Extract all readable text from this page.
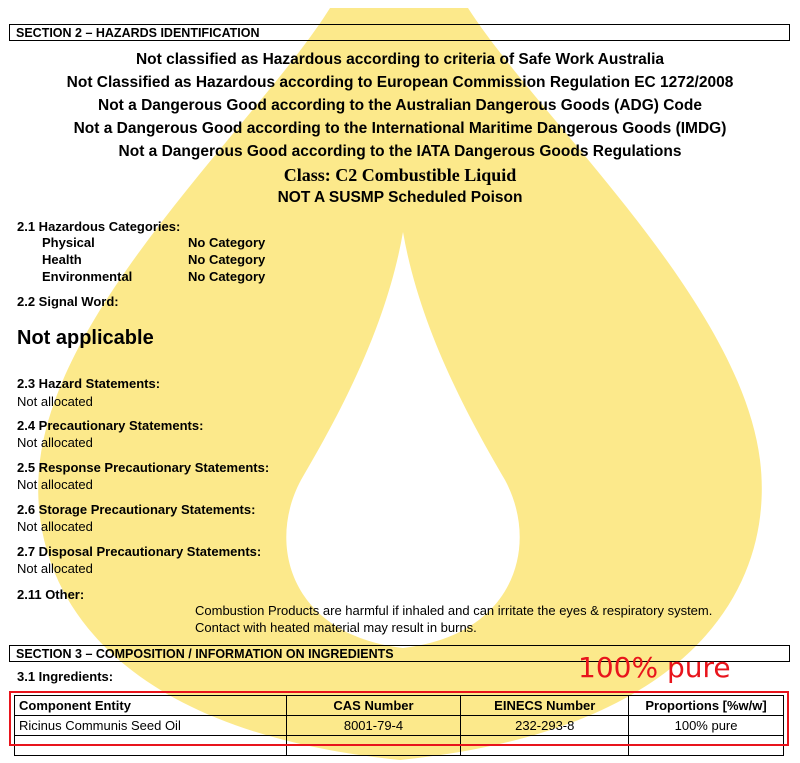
SECTION 2 – HAZARDS IDENTIFICATION
Not classified as Hazardous according to criteria of Safe Work Australia
Not Classified as Hazardous according to European Commission Regulation EC 1272/2008
Not a Dangerous Good according to the Australian Dangerous Goods (ADG) Code
Not a Dangerous Good according to the International Maritime Dangerous Goods (IMDG)
Not a Dangerous Good according to the IATA Dangerous Goods Regulations
Class: C2 Combustible Liquid
NOT A SUSMP Scheduled Poison
2.1 Hazardous Categories:
Physical	No Category
Health	No Category
Environmental	No Category
2.2 Signal Word:
Not applicable
2.3 Hazard Statements:
Not allocated
2.4 Precautionary Statements:
Not allocated
2.5 Response Precautionary Statements:
Not allocated
2.6 Storage Precautionary Statements:
Not allocated
2.7 Disposal Precautionary Statements:
Not allocated
2.11 Other:
Combustion Products are harmful if inhaled and can irritate the eyes & respiratory system.
Contact with heated material may result in burns.
SECTION 3 – COMPOSITION / INFORMATION ON INGREDIENTS
3.1 Ingredients:	100% pure
Component Entity	CAS Number	EINECS Number	Proportions [%w/w]
Ricinus Communis Seed Oil	8001-79-4	232-293-8	100% pure
